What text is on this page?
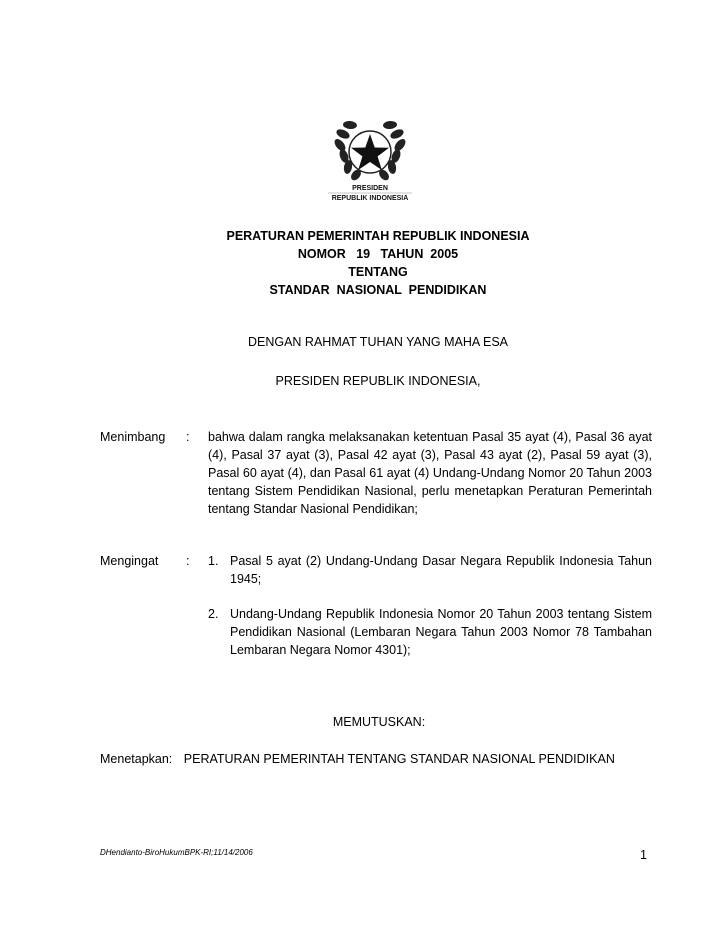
PRESIDEN
REPUBLIK INDONESIA
PERATURAN PEMERINTAH REPUBLIK INDONESIA
NOMOR   19   TAHUN  2005
TENTANG
STANDAR  NASIONAL  PENDIDIKAN
DENGAN RAHMAT TUHAN YANG MAHA ESA
PRESIDEN REPUBLIK INDONESIA,
Menimbang : bahwa dalam rangka melaksanakan ketentuan Pasal 35 ayat (4), Pasal 36 ayat (4), Pasal 37 ayat (3), Pasal 42 ayat (3), Pasal 43 ayat (2), Pasal 59 ayat (3), Pasal 60 ayat (4), dan Pasal 61 ayat (4) Undang-Undang Nomor 20 Tahun 2003 tentang Sistem Pendidikan Nasional, perlu menetapkan Peraturan Pemerintah tentang Standar Nasional Pendidikan;
Mengingat : 1. Pasal 5 ayat (2) Undang-Undang Dasar Negara Republik Indonesia Tahun 1945;
2. Undang-Undang Republik Indonesia Nomor 20 Tahun 2003 tentang Sistem Pendidikan Nasional (Lembaran Negara Tahun 2003 Nomor 78 Tambahan Lembaran Negara Nomor 4301);
MEMUTUSKAN:
Menetapkan: PERATURAN PEMERINTAH TENTANG STANDAR NASIONAL PENDIDIKAN
DHendianto-BiroHukumBPK-RI;11/14/2006	1
